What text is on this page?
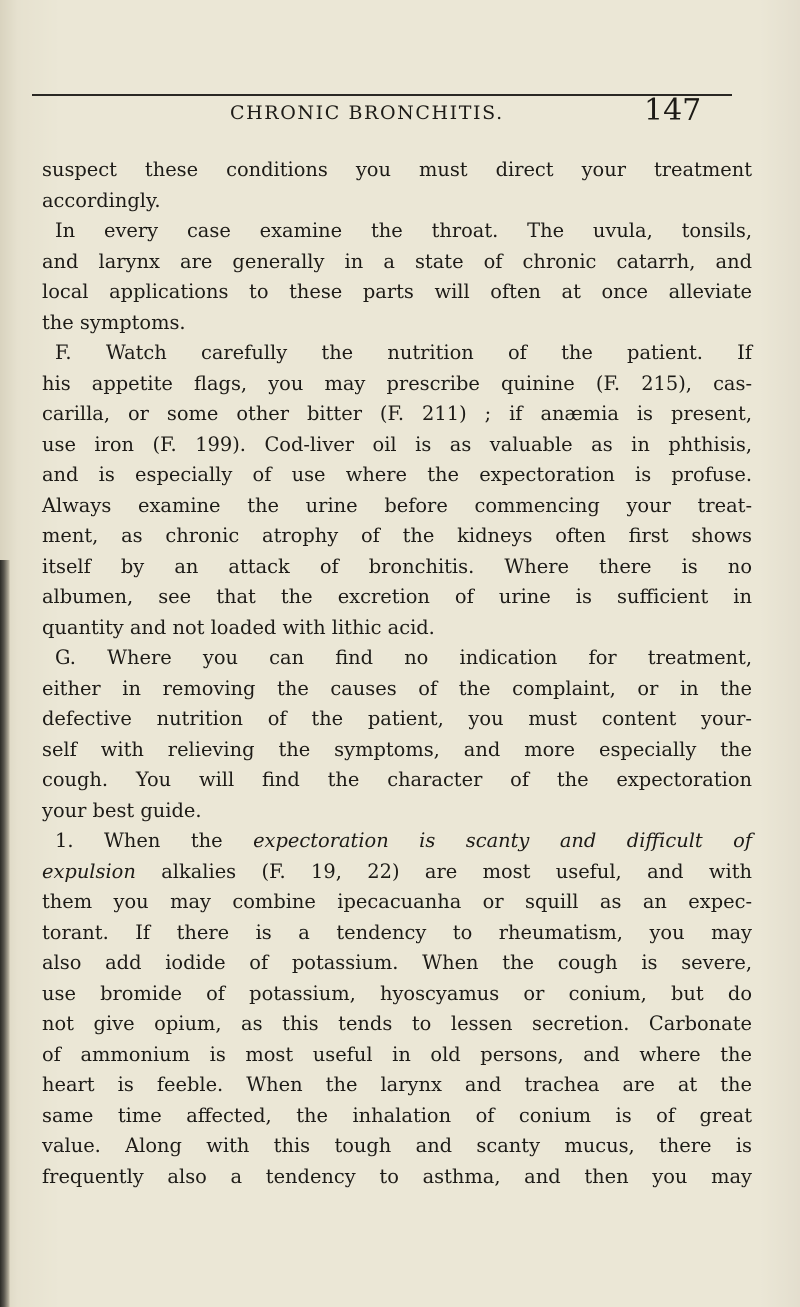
CHRONIC BRONCHITIS.	147
suspect these conditions you must direct your treatment
accordingly.
In every case examine the throat. The uvula, tonsils,
and larynx are generally in a state of chronic catarrh, and
local applications to these parts will often at once alleviate
the symptoms.
F. Watch carefully the nutrition of the patient. If
his appetite flags, you may prescribe quinine (F. 215), cas-
carilla, or some other bitter (F. 211) ; if anæmia is present,
use iron (F. 199). Cod-liver oil is as valuable as in phthisis,
and is especially of use where the expectoration is profuse.
Always examine the urine before commencing your treat-
ment, as chronic atrophy of the kidneys often first shows
itself by an attack of bronchitis. Where there is no
albumen, see that the excretion of urine is sufficient in
quantity and not loaded with lithic acid.
G. Where you can find no indication for treatment,
either in removing the causes of the complaint, or in the
defective nutrition of the patient, you must content your-
self with relieving the symptoms, and more especially the
cough. You will find the character of the expectoration
your best guide.
1. When the expectoration is scanty and difficult of
expulsion alkalies (F. 19, 22) are most useful, and with
them you may combine ipecacuanha or squill as an expec-
torant. If there is a tendency to rheumatism, you may
also add iodide of potassium. When the cough is severe,
use bromide of potassium, hyoscyamus or conium, but do
not give opium, as this tends to lessen secretion. Carbonate
of ammonium is most useful in old persons, and where the
heart is feeble. When the larynx and trachea are at the
same time affected, the inhalation of conium is of great
value. Along with this tough and scanty mucus, there is
frequently also a tendency to asthma, and then you may
